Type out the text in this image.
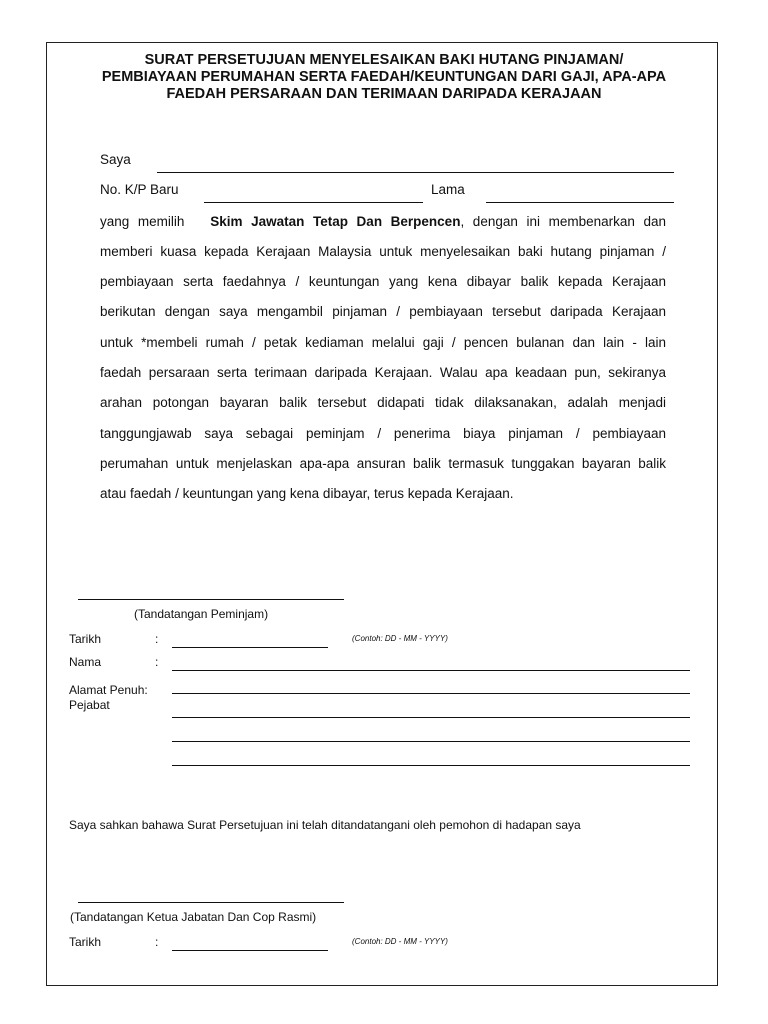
SURAT PERSETUJUAN MENYELESAIKAN BAKI HUTANG PINJAMAN/
PEMBIAYAAN PERUMAHAN SERTA FAEDAH/KEUNTUNGAN DARI GAJI, APA-APA
FAEDAH PERSARAAN DAN TERIMAAN DARIPADA KERAJAAN
Saya
No. K/P Baru	Lama
yang memilih Skim Jawatan Tetap Dan Berpencen, dengan ini membenarkan dan
memberi kuasa kepada Kerajaan Malaysia untuk menyelesaikan baki hutang pinjaman /
pembiayaan serta faedahnya / keuntungan yang kena dibayar balik kepada Kerajaan
berikutan dengan saya mengambil pinjaman / pembiayaan tersebut daripada Kerajaan
untuk *membeli rumah / petak kediaman melalui gaji / pencen bulanan dan lain - lain
faedah persaraan serta terimaan daripada Kerajaan. Walau apa keadaan pun, sekiranya
arahan potongan bayaran balik tersebut didapati tidak dilaksanakan, adalah menjadi
tanggungjawab saya sebagai peminjam / penerima biaya pinjaman / pembiayaan
perumahan untuk menjelaskan apa-apa ansuran balik termasuk tunggakan bayaran balik
atau faedah / keuntungan yang kena dibayar, terus kepada Kerajaan.
(Tandatangan Peminjam)
Tarikh	:	(Contoh: DD - MM - YYYY)
Nama	:
Alamat Penuh:
Pejabat
Saya sahkan bahawa Surat Persetujuan ini telah ditandatangani oleh pemohon di hadapan saya
(Tandatangan Ketua Jabatan Dan Cop Rasmi)
Tarikh	:	(Contoh: DD - MM - YYYY)
